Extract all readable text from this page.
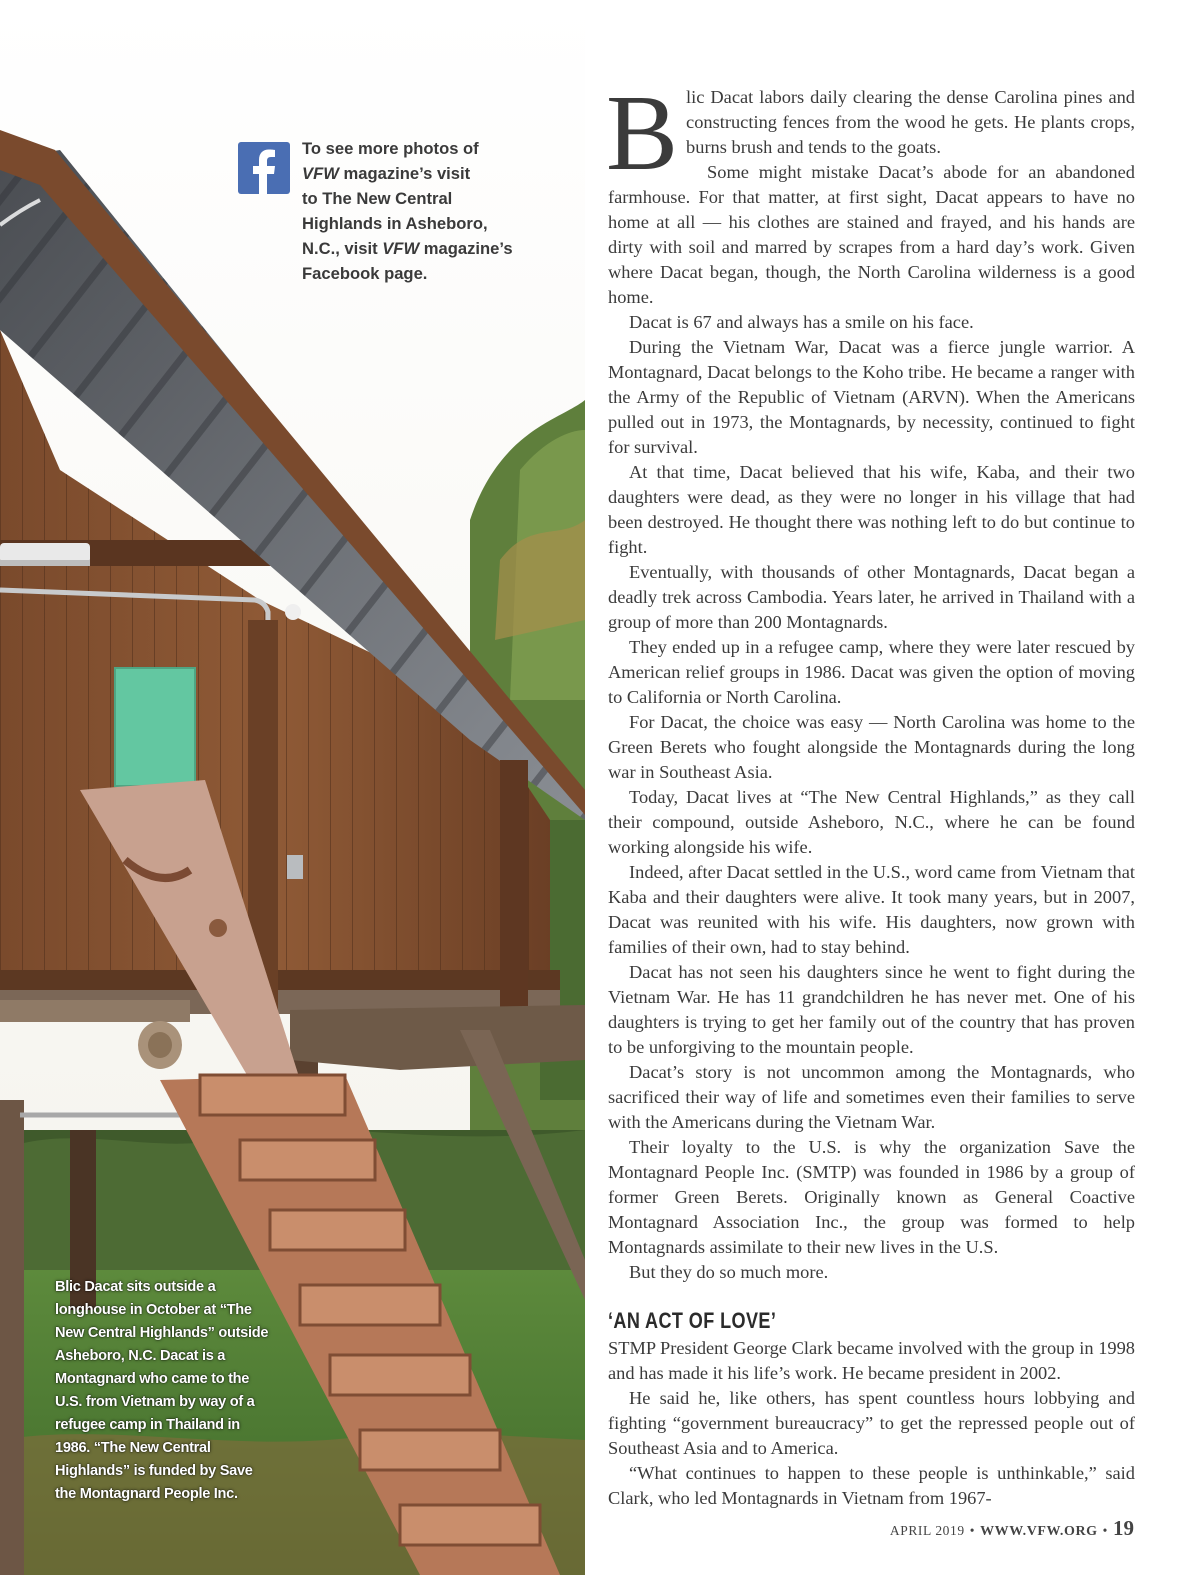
To see more photos of
VFW magazine’s visit
to The New Central
Highlands in Asheboro,
N.C., visit VFW magazine’s
Facebook page.
Blic Dacat sits outside a longhouse in October at “The New Central Highlands” outside Asheboro, N.C. Dacat is a Montagnard who came to the U.S. from Vietnam by way of a refugee camp in Thailand in 1986. “The New Central Highlands” is funded by Save the Montagnard People Inc.

Blic Dacat labors daily clearing the dense Carolina pines and constructing fences from the wood he gets. He plants crops, burns brush and tends to the goats.

Some might mistake Dacat’s abode for an abandoned farmhouse. For that matter, at first sight, Dacat appears to have no home at all — his clothes are stained and frayed, and his hands are dirty with soil and marred by scrapes from a hard day’s work. Given where Dacat began, though, the North Carolina wilderness is a good home.

Dacat is 67 and always has a smile on his face.

During the Vietnam War, Dacat was a fierce jungle warrior. A Montagnard, Dacat belongs to the Koho tribe. He became a ranger with the Army of the Republic of Vietnam (ARVN). When the Americans pulled out in 1973, the Montagnards, by necessity, continued to fight for survival.

At that time, Dacat believed that his wife, Kaba, and their two daughters were dead, as they were no longer in his village that had been destroyed. He thought there was nothing left to do but continue to fight.

Eventually, with thousands of other Montagnards, Dacat began a deadly trek across Cambodia. Years later, he arrived in Thailand with a group of more than 200 Montagnards.

They ended up in a refugee camp, where they were later rescued by American relief groups in 1986. Dacat was given the option of moving to California or North Carolina.

For Dacat, the choice was easy — North Carolina was home to the Green Berets who fought alongside the Montagnards during the long war in Southeast Asia.

Today, Dacat lives at “The New Central Highlands,” as they call their compound, outside Asheboro, N.C., where he can be found working alongside his wife.

Indeed, after Dacat settled in the U.S., word came from Vietnam that Kaba and their daughters were alive. It took many years, but in 2007, Dacat was reunited with his wife. His daughters, now grown with families of their own, had to stay behind.

Dacat has not seen his daughters since he went to fight during the Vietnam War. He has 11 grandchildren he has never met. One of his daughters is trying to get her family out of the country that has proven to be unforgiving to the mountain people.

Dacat’s story is not uncommon among the Montagnards, who sacrificed their way of life and sometimes even their families to serve with the Americans during the Vietnam War.

Their loyalty to the U.S. is why the organization Save the Montagnard People Inc. (SMTP) was founded in 1986 by a group of former Green Berets. Originally known as General Coactive Montagnard Association Inc., the group was formed to help Montagnards assimilate to their new lives in the U.S.

But they do so much more.

‘AN ACT OF LOVE’

STMP President George Clark became involved with the group in 1998 and has made it his life’s work. He became president in 2002.

He said he, like others, has spent countless hours lobbying and fighting “government bureaucracy” to get the repressed people out of Southeast Asia and to America.

“What continues to happen to these people is unthinkable,” said Clark, who led Montagnards in Vietnam from 1967-

APRIL 2019 • WWW.VFW.ORG • 19
